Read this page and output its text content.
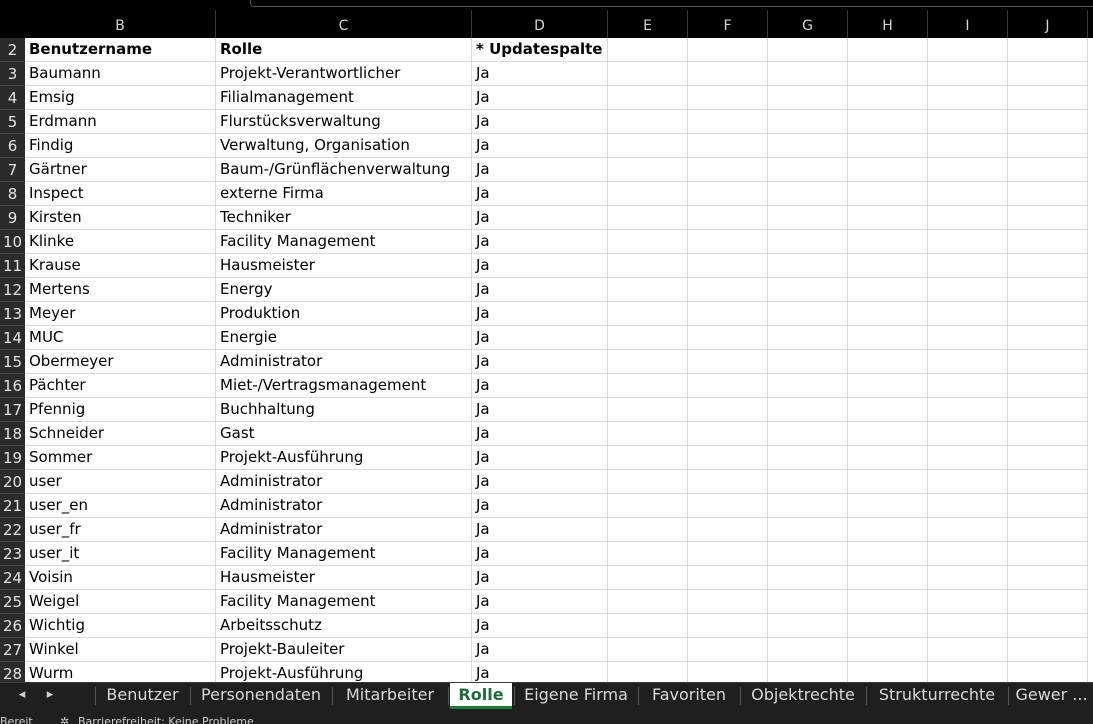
B	C	D	E	F	G	H	I	J
2
3
4
5
6
7
8
9
10
11
12
13
14
15
16
17
18
19
20
21
22
23
24
25
26
27
28
Benutzername	Rolle	* Updatespalte
Baumann	Projekt-Verantwortlicher	Ja
Emsig	Filialmanagement	Ja
Erdmann	Flurstücksverwaltung	Ja
Findig	Verwaltung, Organisation	Ja
Gärtner	Baum-/Grünflächenverwaltung	Ja
Inspect	externe Firma	Ja
Kirsten	Techniker	Ja
Klinke	Facility Management	Ja
Krause	Hausmeister	Ja
Mertens	Energy	Ja
Meyer	Produktion	Ja
MUC	Energie	Ja
Obermeyer	Administrator	Ja
Pächter	Miet-/Vertragsmanagement	Ja
Pfennig	Buchhaltung	Ja
Schneider	Gast	Ja
Sommer	Projekt-Ausführung	Ja
user	Administrator	Ja
user_en	Administrator	Ja
user_fr	Administrator	Ja
user_it	Facility Management	Ja
Voisin	Hausmeister	Ja
Weigel	Facility Management	Ja
Wichtig	Arbeitsschutz	Ja
Winkel	Projekt-Bauleiter	Ja
Wurm	Projekt-Ausführung	Ja
◂	▸	Benutzer	Personendaten	Mitarbeiter	Rolle	Eigene Firma	Favoriten	Objektrechte	Strukturrechte	Gewer ...
Bereit ✲ Barrierefreiheit: Keine Probleme
